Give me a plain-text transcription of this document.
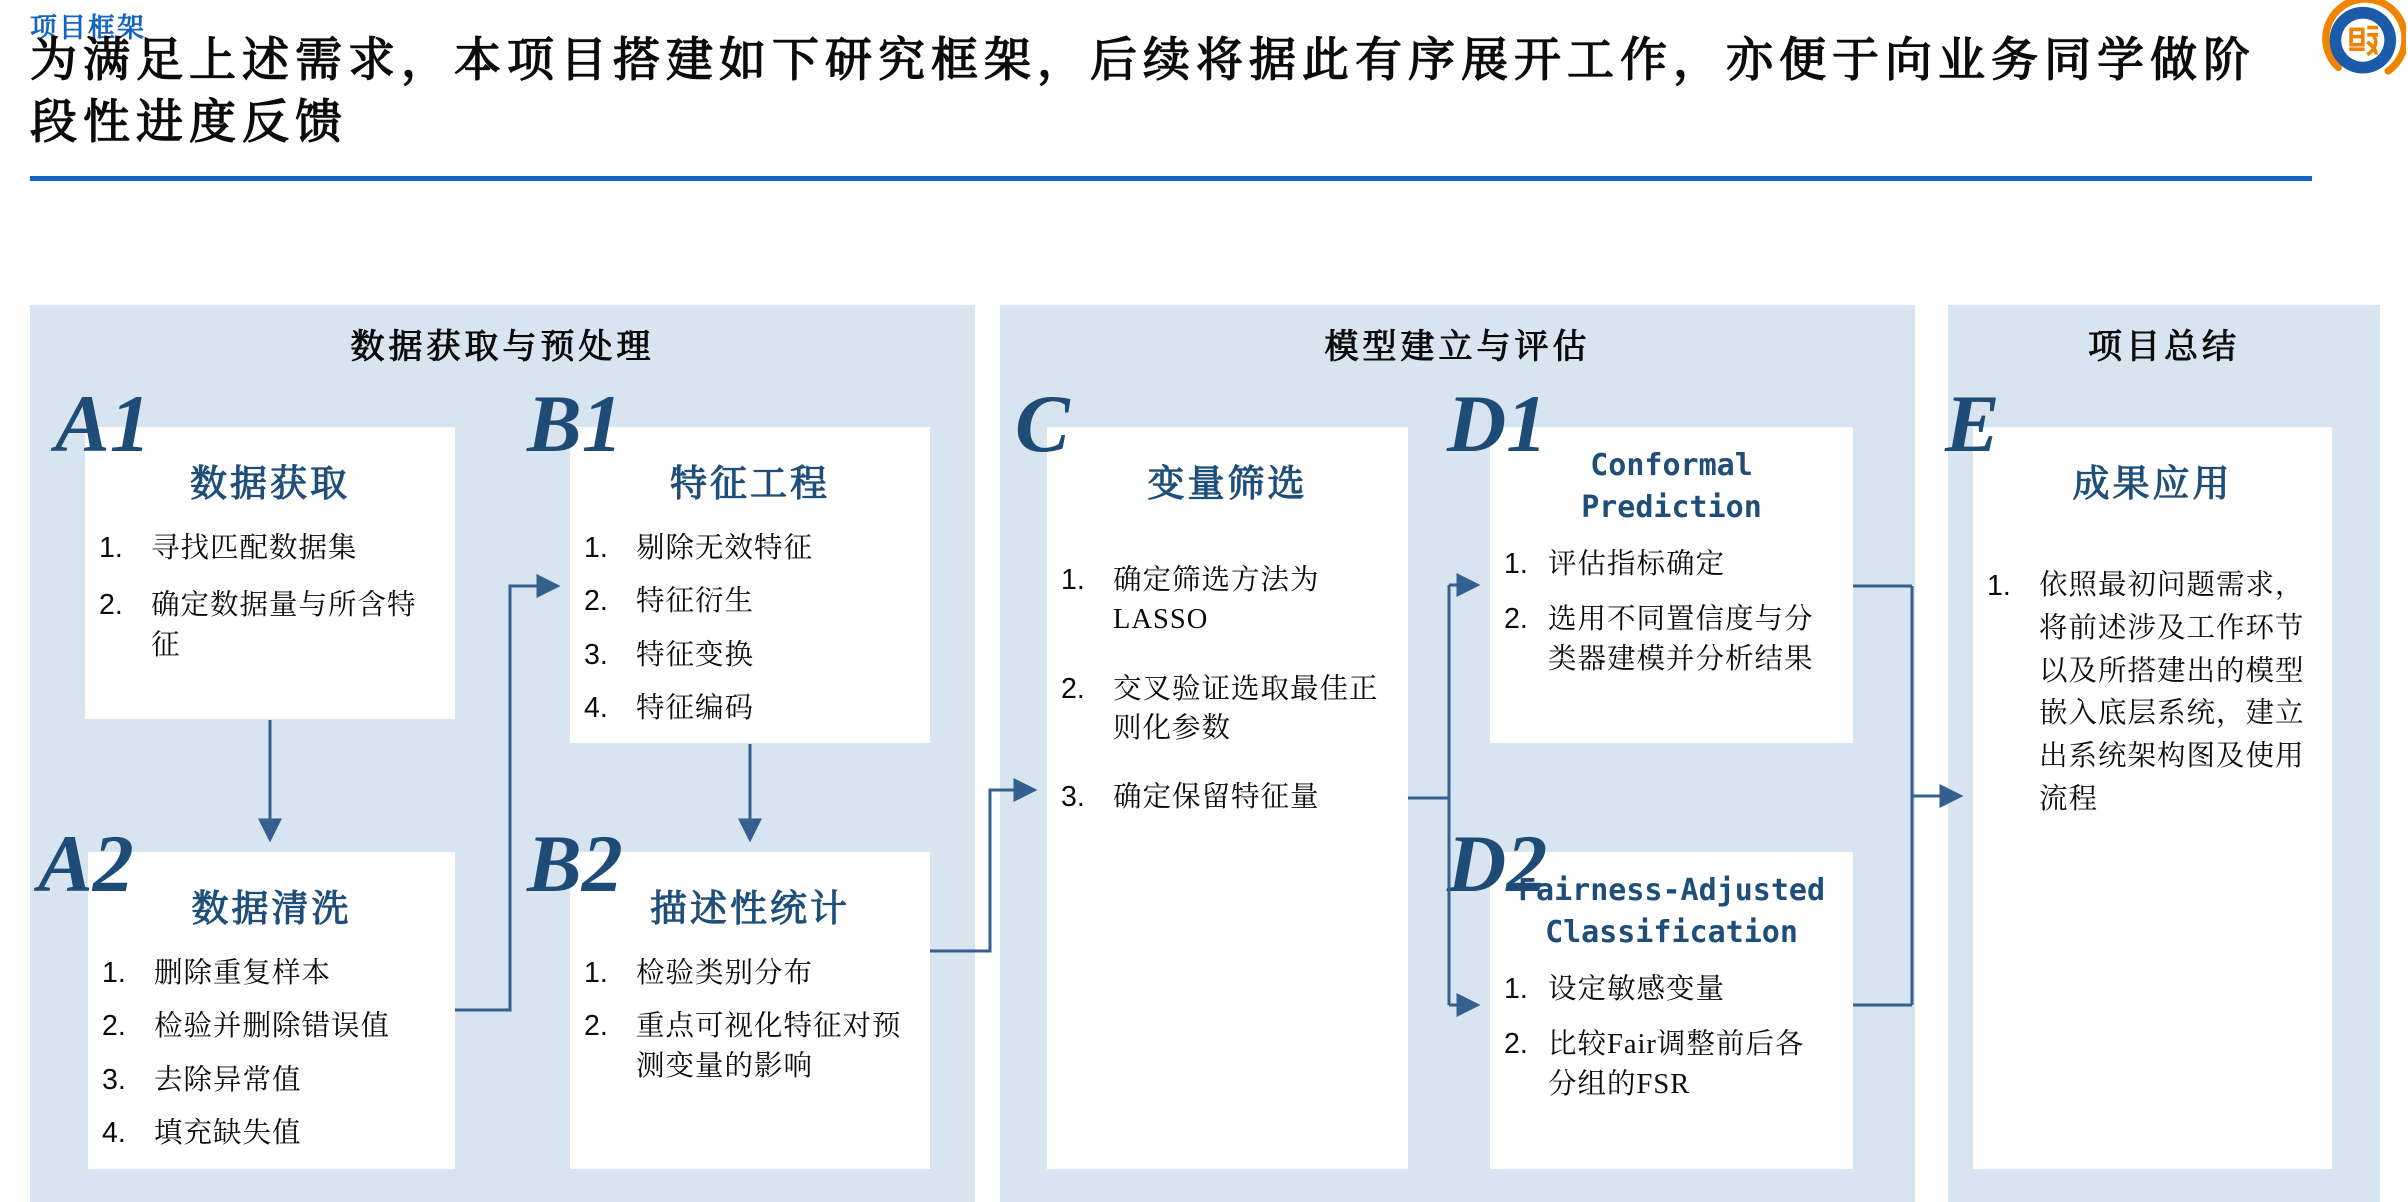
项目框架
为满足上述需求，本项目搭建如下研究框架，后续将据此有序展开工作，亦便于向业务同学做阶段性进度反馈
数据获取与预处理	模型建立与评估	项目总结
A1	B1
A2	B2
C	D1
D2
E
数据获取
寻找匹配数据集
确定数据量与所含特征
特征工程
剔除无效特征
特征衍生
特征变换
特征编码
数据清洗
删除重复样本
检验并删除错误值
去除异常值
填充缺失值
描述性统计
检验类别分布
重点可视化特征对预测变量的影响
变量筛选
确定筛选方法为LASSO
交叉验证选取最佳正则化参数
确定保留特征量
Conformal Prediction
评估指标确定
选用不同置信度与分类器建模并分析结果
Fairness-Adjusted Classification
设定敏感变量
比较Fair调整前后各分组的FSR
成果应用
依照最初问题需求，将前述涉及工作环节以及所搭建出的模型嵌入底层系统，建立出系统架构图及使用流程
